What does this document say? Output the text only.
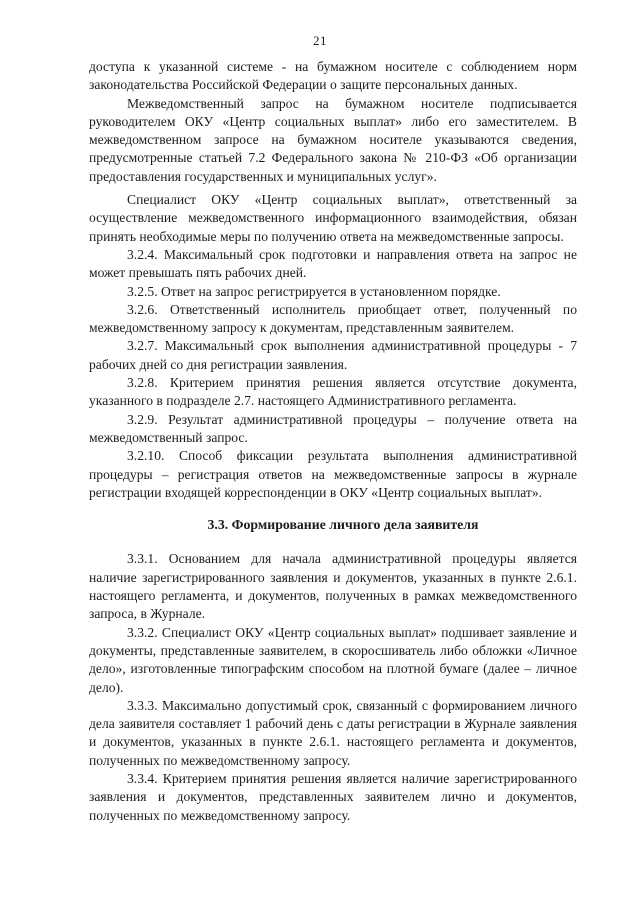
21

доступа к указанной системе - на бумажном носителе с соблюдением норм законодательства Российской Федерации о защите персональных данных.

Межведомственный запрос на бумажном носителе подписывается руководителем ОКУ «Центр социальных выплат» либо его заместителем. В межведомственном запросе на бумажном носителе указываются сведения, предусмотренные статьей 7.2 Федерального закона № 210-ФЗ «Об организации предоставления государственных и муниципальных услуг».

Специалист ОКУ «Центр социальных выплат», ответственный за осуществление межведомственного информационного взаимодействия, обязан принять необходимые меры по получению ответа на межведомственные запросы.

3.2.4. Максимальный срок подготовки и направления ответа на запрос не может превышать пять рабочих дней.

3.2.5. Ответ на запрос регистрируется в установленном порядке.

3.2.6. Ответственный исполнитель приобщает ответ, полученный по межведомственному запросу к документам, представленным заявителем.

3.2.7. Максимальный срок выполнения административной процедуры - 7 рабочих дней со дня регистрации заявления.

3.2.8. Критерием принятия решения является отсутствие документа, указанного в подразделе 2.7. настоящего Административного регламента.

3.2.9. Результат административной процедуры – получение ответа на межведомственный запрос.

3.2.10. Способ фиксации результата выполнения административной процедуры – регистрация ответов на межведомственные запросы в журнале регистрации входящей корреспонденции в ОКУ «Центр социальных выплат».

3.3. Формирование личного дела заявителя

3.3.1. Основанием для начала административной процедуры является наличие зарегистрированного заявления и документов, указанных в пункте 2.6.1. настоящего регламента, и документов, полученных в рамках межведомственного запроса, в Журнале.

3.3.2. Специалист ОКУ «Центр социальных выплат» подшивает заявление и документы, представленные заявителем, в скоросшиватель либо обложки «Личное дело», изготовленные типографским способом на плотной бумаге (далее – личное дело).

3.3.3. Максимально допустимый срок, связанный с формированием личного дела заявителя составляет 1 рабочий день с даты регистрации в Журнале заявления и документов, указанных в пункте 2.6.1. настоящего регламента и документов, полученных по межведомственному запросу.

3.3.4. Критерием принятия решения является наличие зарегистрированного заявления и документов, представленных заявителем лично и документов, полученных по межведомственному запросу.
